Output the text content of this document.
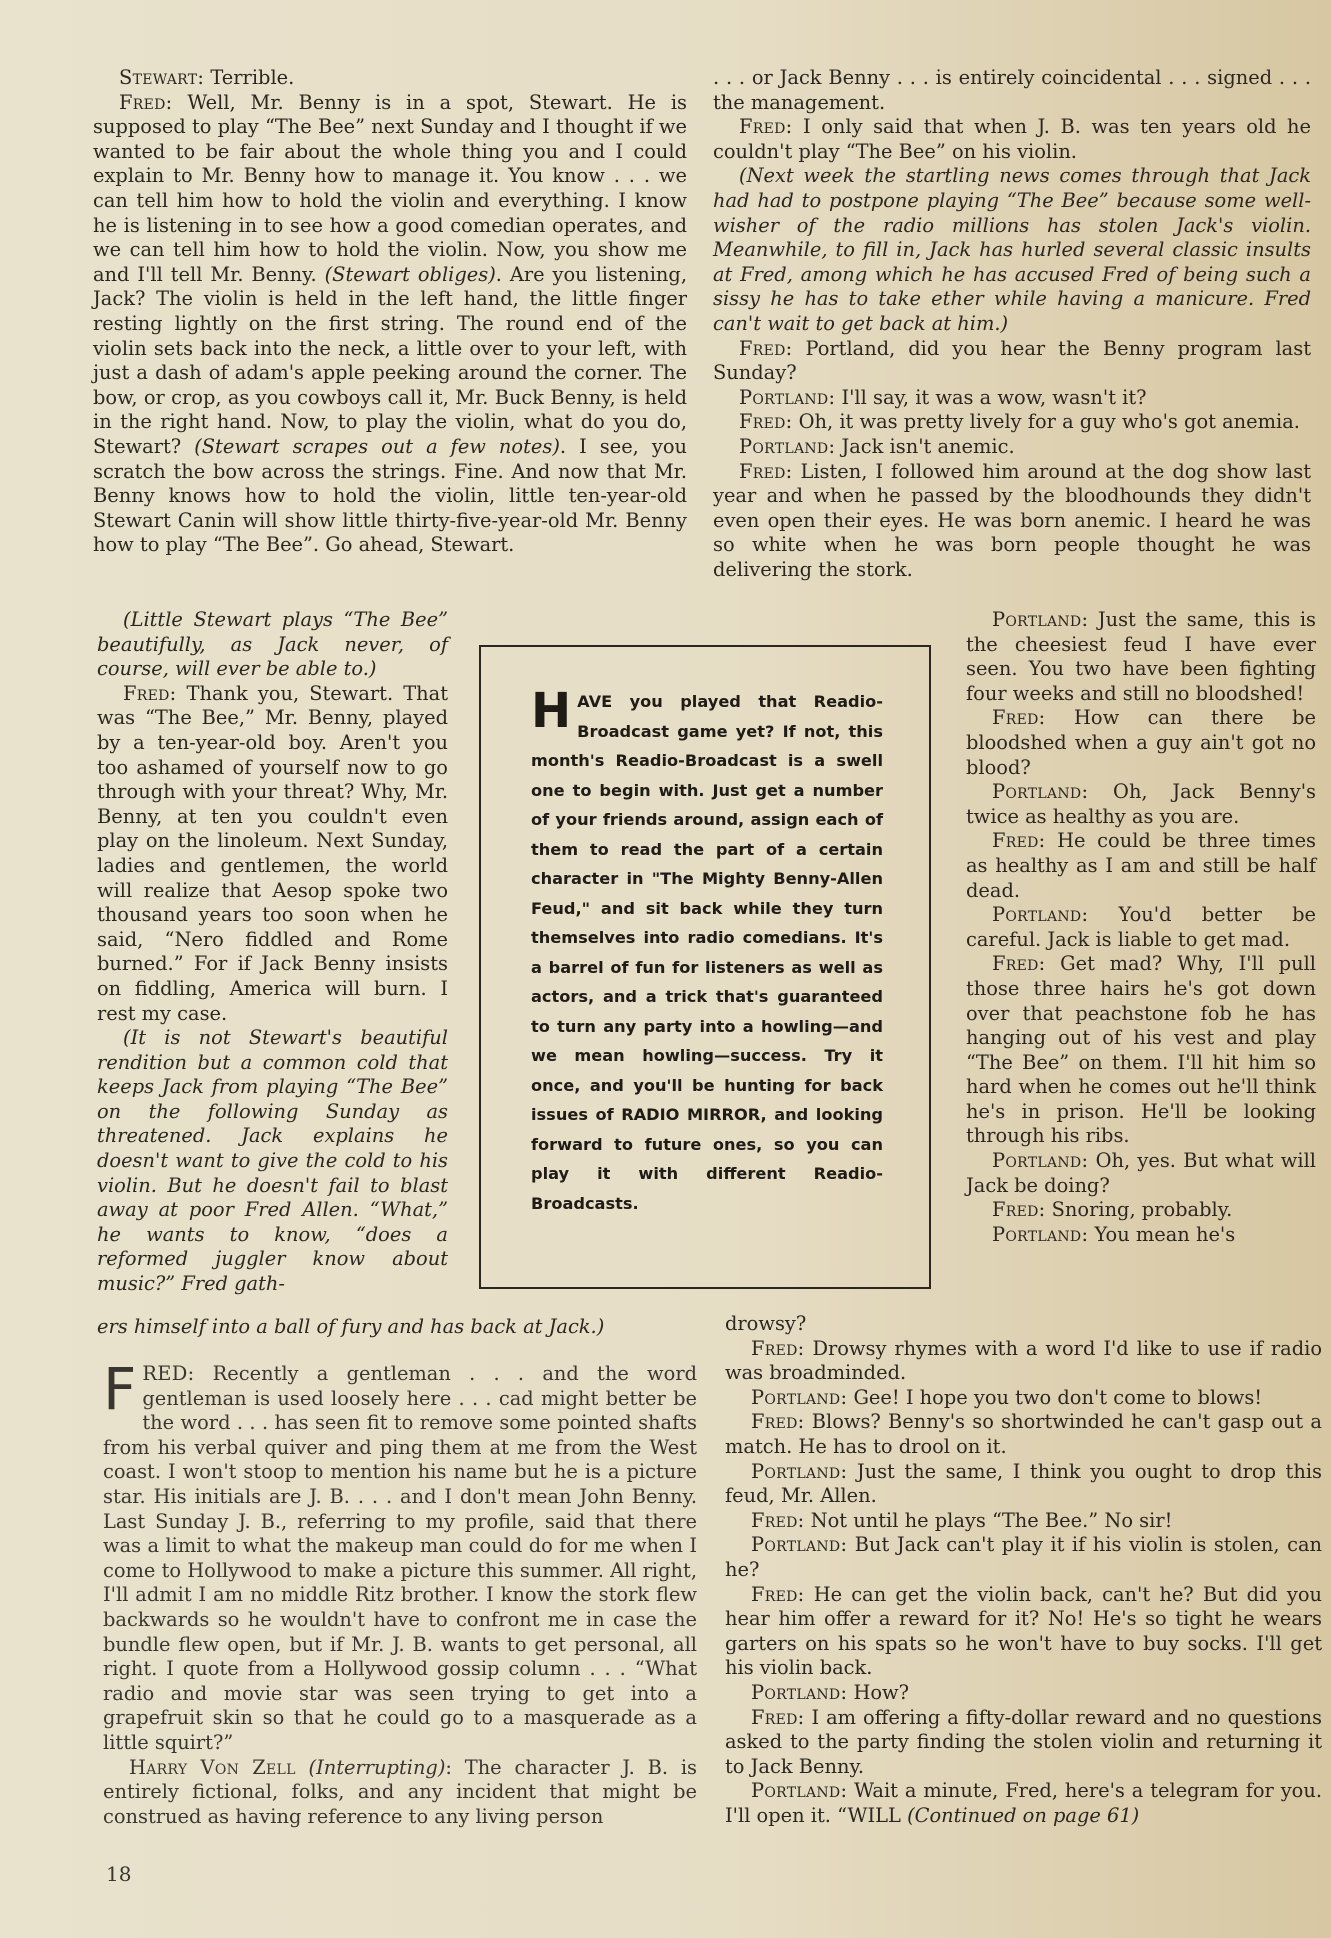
Stewart: Terrible.

Fred: Well, Mr. Benny is in a spot, Stewart. He is supposed to play “The Bee” next Sunday and I thought if we wanted to be fair about the whole thing you and I could explain to Mr. Benny how to manage it. You know . . . we can tell him how to hold the violin and everything. I know he is listening in to see how a good comedian operates, and we can tell him how to hold the violin. Now, you show me and I'll tell Mr. Benny. (Stewart obliges). Are you listening, Jack? The violin is held in the left hand, the little finger resting lightly on the first string. The round end of the violin sets back into the neck, a little over to your left, with just a dash of adam's apple peeking around the corner. The bow, or crop, as you cowboys call it, Mr. Buck Benny, is held in the right hand. Now, to play the violin, what do you do, Stewart? (Stewart scrapes out a few notes). I see, you scratch the bow across the strings. Fine. And now that Mr. Benny knows how to hold the violin, little ten-year-old Stewart Canin will show little thirty-five-year-old Mr. Benny how to play “The Bee”. Go ahead, Stewart.

(Little Stewart plays “The Bee” beautifully, as Jack never, of course, will ever be able to.)

Fred: Thank you, Stewart. That was “The Bee,” Mr. Benny, played by a ten-year-old boy. Aren't you too ashamed of yourself now to go through with your threat? Why, Mr. Benny, at ten you couldn't even play on the linoleum. Next Sunday, ladies and gentlemen, the world will realize that Aesop spoke two thousand years too soon when he said, “Nero fiddled and Rome burned.” For if Jack Benny insists on fiddling, America will burn. I rest my case.

(It is not Stewart's beautiful rendition but a common cold that keeps Jack from playing “The Bee” on the following Sunday as threatened. Jack explains he doesn't want to give the cold to his violin. But he doesn't fail to blast away at poor Fred Allen. “What,” he wants to know, “does a reformed juggler know about music?” Fred gath-

ers himself into a ball of fury and has back at Jack.)

FRED: Recently a gentleman . . . and the word gentleman is used loosely here . . . cad might better be the word . . . has seen fit to remove some pointed shafts from his verbal quiver and ping them at me from the West coast. I won't stoop to mention his name but he is a picture star. His initials are J. B. . . . and I don't mean John Benny. Last Sunday J. B., referring to my profile, said that there was a limit to what the makeup man could do for me when I come to Hollywood to make a picture this summer. All right, I'll admit I am no middle Ritz brother. I know the stork flew backwards so he wouldn't have to confront me in case the bundle flew open, but if Mr. J. B. wants to get personal, all right. I quote from a Hollywood gossip column . . . “What radio and movie star was seen trying to get into a grapefruit skin so that he could go to a masquerade as a little squirt?”

Harry Von Zell (Interrupting): The character J. B. is entirely fictional, folks, and any incident that might be construed as having reference to any living person

. . . or Jack Benny . . . is entirely coincidental . . . signed . . . the management.

Fred: I only said that when J. B. was ten years old he couldn't play “The Bee” on his violin.

(Next week the startling news comes through that Jack had had to postpone playing “The Bee” because some well-wisher of the radio millions has stolen Jack's violin. Meanwhile, to fill in, Jack has hurled several classic insults at Fred, among which he has accused Fred of being such a sissy he has to take ether while having a manicure. Fred can't wait to get back at him.)

Fred: Portland, did you hear the Benny program last Sunday?

Portland: I'll say, it was a wow, wasn't it?

Fred: Oh, it was pretty lively for a guy who's got anemia.

Portland: Jack isn't anemic.

Fred: Listen, I followed him around at the dog show last year and when he passed by the bloodhounds they didn't even open their eyes. He was born anemic. I heard he was so white when he was born people thought he was delivering the stork.

Portland: Just the same, this is the cheesiest feud I have ever seen. You two have been fighting four weeks and still no bloodshed!

Fred: How can there be bloodshed when a guy ain't got no blood?

Portland: Oh, Jack Benny's twice as healthy as you are.

Fred: He could be three times as healthy as I am and still be half dead.

Portland: You'd better be careful. Jack is liable to get mad.

Fred: Get mad? Why, I'll pull those three hairs he's got down over that peachstone fob he has hanging out of his vest and play “The Bee” on them. I'll hit him so hard when he comes out he'll think he's in prison. He'll be looking through his ribs.

Portland: Oh, yes. But what will Jack be doing?

Fred: Snoring, probably.

Portland: You mean he's

drowsy?

Fred: Drowsy rhymes with a word I'd like to use if radio was broadminded.

Portland: Gee! I hope you two don't come to blows!

Fred: Blows? Benny's so shortwinded he can't gasp out a match. He has to drool on it.

Portland: Just the same, I think you ought to drop this feud, Mr. Allen.

Fred: Not until he plays “The Bee.” No sir!

Portland: But Jack can't play it if his violin is stolen, can he?

Fred: He can get the violin back, can't he? But did you hear him offer a reward for it? No! He's so tight he wears garters on his spats so he won't have to buy socks. I'll get his violin back.

Portland: How?

Fred: I am offering a fifty-dollar reward and no questions asked to the party finding the stolen violin and returning it to Jack Benny.

Portland: Wait a minute, Fred, here's a telegram for you. I'll open it. “WILL (Continued on page 61)

HAVE you played that Readio-Broadcast game yet? If not, this month's Readio-Broadcast is a swell one to begin with. Just get a number of your friends around, assign each of them to read the part of a certain character in "The Mighty Benny-Allen Feud," and sit back while they turn themselves into radio comedians. It's a barrel of fun for listeners as well as actors, and a trick that's guaranteed to turn any party into a howling—and we mean howling—success. Try it once, and you'll be hunting for back issues of RADIO MIRROR, and looking forward to future ones, so you can play it with different Readio-Broadcasts.

18
